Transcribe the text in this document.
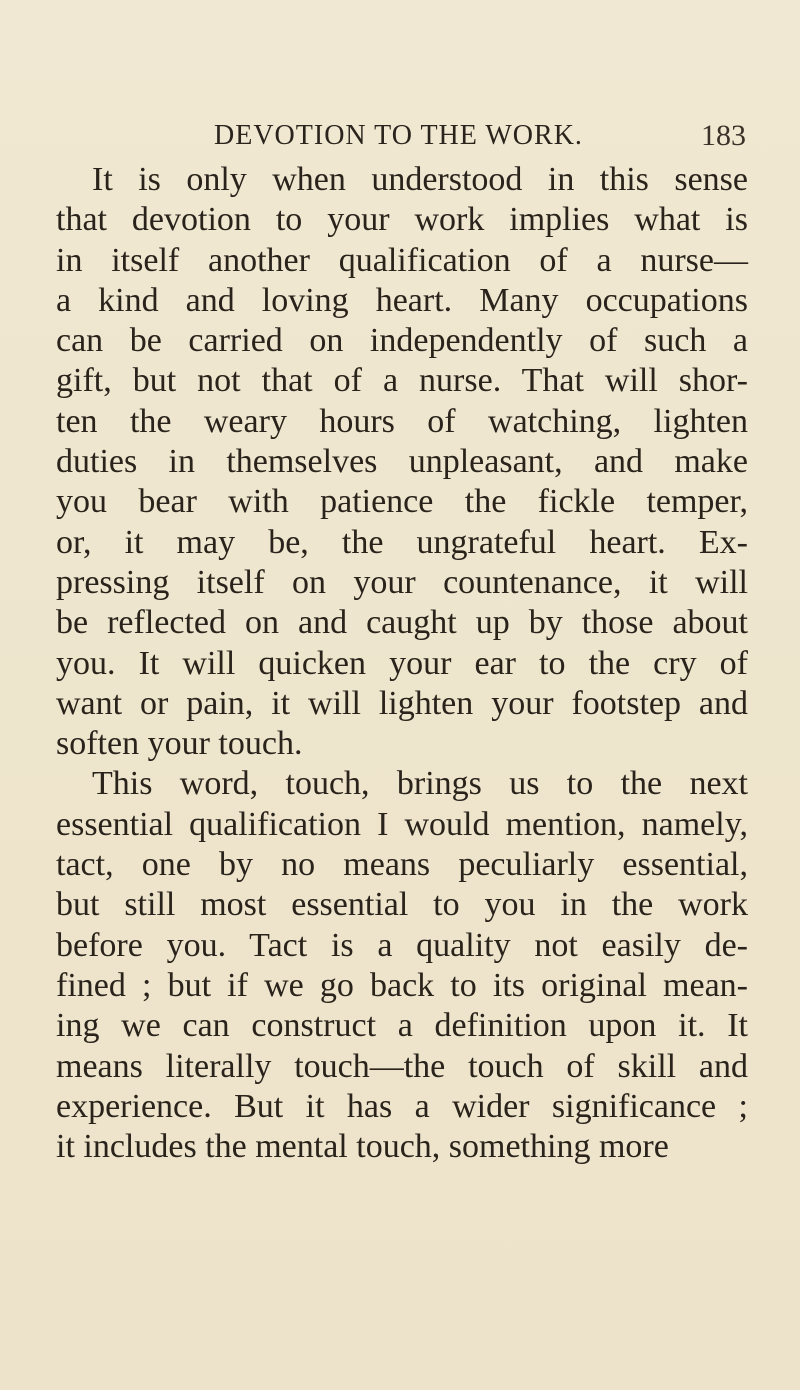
DEVOTION TO THE WORK.	183
It is only when understood in this sense
that devotion to your work implies what is
in itself another qualification of a nurse—
a kind and loving heart. Many occupations
can be carried on independently of such a
gift, but not that of a nurse. That will shor-
ten the weary hours of watching, lighten
duties in themselves unpleasant, and make
you bear with patience the fickle temper,
or, it may be, the ungrateful heart. Ex-
pressing itself on your countenance, it will
be reflected on and caught up by those about
you. It will quicken your ear to the cry of
want or pain, it will lighten your footstep and
soften your touch.
This word, touch, brings us to the next
essential qualification I would mention, namely,
tact, one by no means peculiarly essential,
but still most essential to you in the work
before you. Tact is a quality not easily de-
fined ; but if we go back to its original mean-
ing we can construct a definition upon it. It
means literally touch—the touch of skill and
experience. But it has a wider significance ;
it includes the mental touch, something more
